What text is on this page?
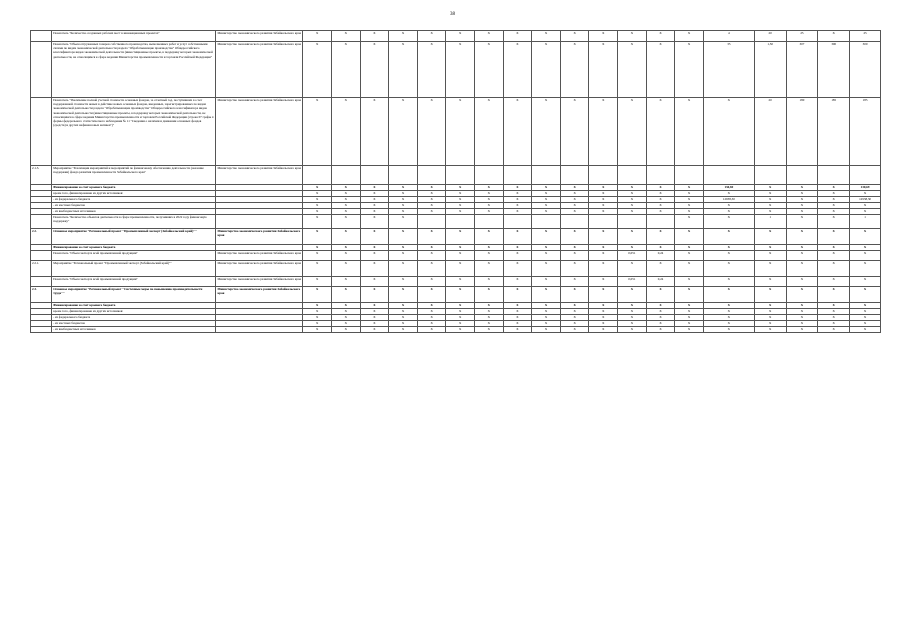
38
	Показатель "Количество созданных рабочих мест в инновационных проектах"	Министерство экономического развития Забайкальского края	Х	Х	Х	Х	Х	Х	Х	Х	Х	Х	Х	Х	Х	Х	4	20	25	Х	25
	Показатель "Объем отгруженных товаров собственного производства, выполненных работ и услуг собственными силами по видам экономической деятельности раздела "Обрабатывающие производства" Общероссийского классификатора видов экономической деятельности (инвестиционные проекты, в поддержку которых экономической деятельности, не относящимся к сфере ведения Министерства промышленности и торговли Российской Федерации"	Министерство экономического развития Забайкальского края	Х	Х	Х	Х	Х	Х	Х	Х	Х	Х	Х	Х	Х	Х	35	1,50	307	300	300
	Показатель "Увеличение полной учетной стоимости основных фондов, за отчетный год, поступивших за счет поддержанной стоимости новых в действие новых основных фондов, введенных, зарегистрированных по видам экономической деятельности раздела "Обрабатывающие производства" Общероссийского классификатора видов экономической деятельности (инвестиционные проекты, в поддержку которых экономической деятельности, не относящимся к сфере ведения Министерства промышленности и торговли Российской Федерации (строка 07 графы 4 формы федерального статистического наблюдения № 11 "Сведения о наличии и движении основных фондов (средств) и других нефинансовых активов")"	Министерство экономического развития Забайкальского края	Х	Х	Х	Х	Х	Х	Х	Х	Х	Х	Х	Х	Х	Х	Х	20	180	185	185
2.1.3.	Мероприятие "Реализация мероприятий и мероприятий по финансовому обеспечению деятельности (оказание поддержки) фонда развития промышленности Забайкальского края"	Министерство экономического развития Забайкальского края																			
	Финансирование за счет краевого бюджета		Х	Х	Х	Х	Х	Х	Х	Х	Х	Х	Х	Х	Х	Х	130,69	Х	Х	Х	130,69
	кроме того, финансирование из других источников:		Х	Х	Х	Х	Х	Х	Х	Х	Х	Х	Х	Х	Х	Х	Х	Х	Х	Х	Х
	- из федерального бюджета		Х	Х	Х	Х	Х	Х	Х	Х	Х	Х	Х	Х	Х	Х	12938,30	Х	Х	Х	12938,30
	- из местных бюджетов		Х	Х	Х	Х	Х	Х	Х	Х	Х	Х	Х	Х	Х	Х	Х	Х	Х	Х	Х
	- из внебюджетных источников		Х	Х	Х	Х	Х	Х	Х	Х	Х	Х	Х	Х	Х	Х	Х	Х	Х	Х	Х
	Показатель "Количество объектов деятельности в сфере промышленности, получивших в 2022 году финансовую поддержку"		Х	Х	Х	Х										Х	Х	1	Х	Х	1
2.2.	Основное мероприятие "Региональный проект "Промышленный экспорт (Забайкальский край)""	Министерство экономического развития Забайкальского края	Х	Х	Х	Х	Х	Х	Х	Х	Х	Х	Х	Х	Х	Х	Х	Х	Х	Х	Х
	Финансирование за счет краевого бюджета		Х	Х	Х	Х	Х	Х	Х	Х	Х	Х	Х	Х	Х	Х	Х	Х	Х	Х	Х
	Показатель "Объем экспорта всей промышленной продукции"	Министерство экономического развития Забайкальского края	Х	Х	Х	Х	Х	Х	Х	Х	Х	Х	Х	0,051	0,24	Х	Х	Х	Х	Х	Х
2.2.1.	Мероприятие "Региональный проект "Промышленный экспорт (Забайкальский край)""	Министерство экономического развития Забайкальского края	Х	Х	Х	Х	Х	Х	Х	Х	Х	Х	Х	Х	Х	Х	Х	Х	Х	Х	Х
	Показатель "Объем экспорта всей промышленной продукции"	Министерство экономического развития Забайкальского края	Х	Х	Х	Х	Х	Х	Х	Х	Х	Х	Х	0,051	0,24	Х	Х	Х	Х	Х	Х
2.3.	Основное мероприятие "Региональный проект "Системные меры по повышению производительности труда""	Министерство экономического развития Забайкальского края	Х	Х	Х	Х	Х	Х	Х	Х	Х	Х	Х	Х	Х	Х	Х	Х	Х	Х	Х
	Финансирование за счет краевого бюджета		Х	Х	Х	Х	Х	Х	Х	Х	Х	Х	Х	Х	Х	Х	Х	Х	Х	Х	Х
	кроме того, финансирование из других источников:		Х	Х	Х	Х	Х	Х	Х	Х	Х	Х	Х	Х	Х	Х	Х	Х	Х	Х	Х
	- из федерального бюджета		Х	Х	Х	Х	Х	Х	Х	Х	Х	Х	Х	Х	Х	Х	Х	Х	Х	Х	Х
	- из местных бюджетов		Х	Х	Х	Х	Х	Х	Х	Х	Х	Х	Х	Х	Х	Х	Х	Х	Х	Х	Х
	- из внебюджетных источников		Х	Х	Х	Х	Х	Х	Х	Х	Х	Х	Х	Х	Х	Х	Х	Х	Х	Х	Х
